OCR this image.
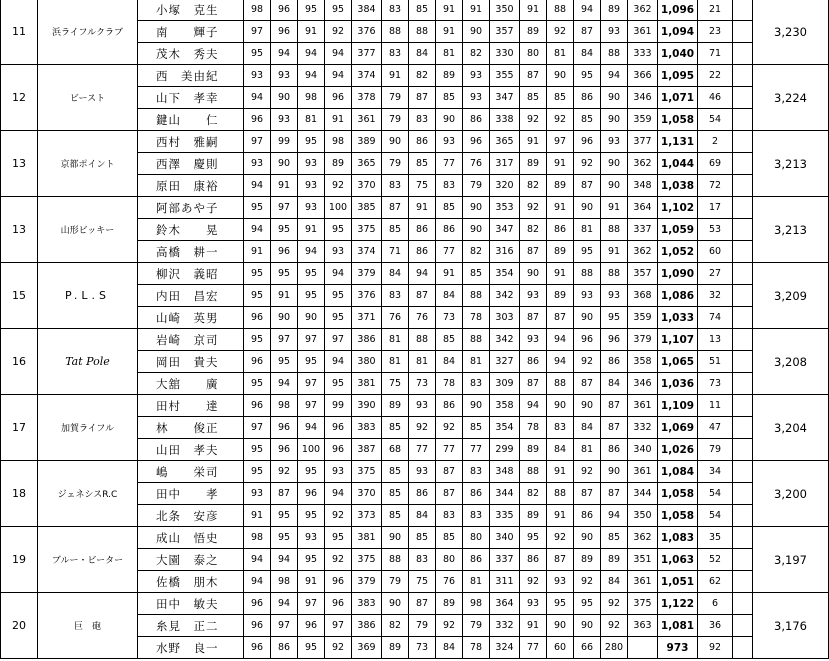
11	浜ライフルクラブ	小塚　克生	98	96	95	95	384	83	85	91	91	350	91	88	94	89	362	1,096	21		3,230
		南　　輝子	97	96	91	92	376	88	88	91	90	357	89	92	87	93	361	1,094	23		
		茂木　秀夫	95	94	94	94	377	83	84	81	82	330	80	81	84	88	333	1,040	71		
12	ビースト	西　美由紀	93	93	94	94	374	91	82	89	93	355	87	90	95	94	366	1,095	22		3,224
		山下　孝幸	94	90	98	96	378	79	87	85	93	347	85	85	86	90	346	1,071	46		
		鍵山　　仁	96	93	81	91	361	79	83	90	86	338	92	92	85	90	359	1,058	54		
13	京都ポイント	西村　雅嗣	97	99	95	98	389	90	86	93	96	365	91	97	96	93	377	1,131	2		3,213
		西澤　慶則	93	90	93	89	365	79	85	77	76	317	89	91	92	90	362	1,044	69		
		原田　康裕	94	91	93	92	370	83	75	83	79	320	82	89	87	90	348	1,038	72		
13	山形ビッキー	阿部あや子	95	97	93	100	385	87	91	85	90	353	92	91	90	91	364	1,102	17		3,213
		鈴木　　晃	94	95	91	95	375	85	86	86	90	347	82	86	81	88	337	1,059	53		
		高橋　耕一	91	96	94	93	374	71	86	77	82	316	87	89	95	91	362	1,052	60		
15	P.L.S	柳沢　義昭	95	95	95	94	379	84	94	91	85	354	90	91	88	88	357	1,090	27		3,209
		内田　昌宏	95	91	95	95	376	83	87	84	88	342	93	89	93	93	368	1,086	32		
		山崎　英男	96	90	90	95	371	76	76	73	78	303	87	87	90	95	359	1,033	74		
16	Tat Pole	岩崎　京司	95	97	97	97	386	81	88	85	88	342	93	94	96	96	379	1,107	13		3,208
		岡田　貴夫	96	95	95	94	380	81	81	84	81	327	86	94	92	86	358	1,065	51		
		大舘　　廣	95	94	97	95	381	75	73	78	83	309	87	88	87	84	346	1,036	73		
17	加賀ライフル	田村　　達	96	98	97	99	390	89	93	86	90	358	94	90	90	87	361	1,109	11		3,204
		林　　俊正	97	96	94	96	383	85	92	92	85	354	78	83	84	87	332	1,069	47		
		山田　孝夫	95	96	100	96	387	68	77	77	77	299	89	84	81	86	340	1,026	79		
18	ジェネシスR.C	嶋　　栄司	95	92	95	93	375	85	93	87	83	348	88	91	92	90	361	1,084	34		3,200
		田中　　孝	93	87	96	94	370	85	86	87	86	344	82	88	87	87	344	1,058	54		
		北条　安彦	91	95	95	92	373	85	84	83	83	335	89	91	86	94	350	1,058	54		
19	ブルー・ビーター	成山　悟史	98	95	93	95	381	90	85	85	80	340	95	92	90	85	362	1,083	35		3,197
		大園　泰之	94	94	95	92	375	88	83	80	86	337	86	87	89	89	351	1,063	52		
		佐橋　朋木	94	98	91	96	379	79	75	76	81	311	92	93	92	84	361	1,051	62		
20	巨　砲	田中　敏夫	96	94	97	96	383	90	87	89	98	364	93	95	95	92	375	1,122	6		3,176
		糸見　正二	96	97	96	97	386	82	79	92	79	332	91	90	90	92	363	1,081	36		
		水野　良一	96	86	95	92	369	89	73	84	78	324	77	60	66	280		973	92		
